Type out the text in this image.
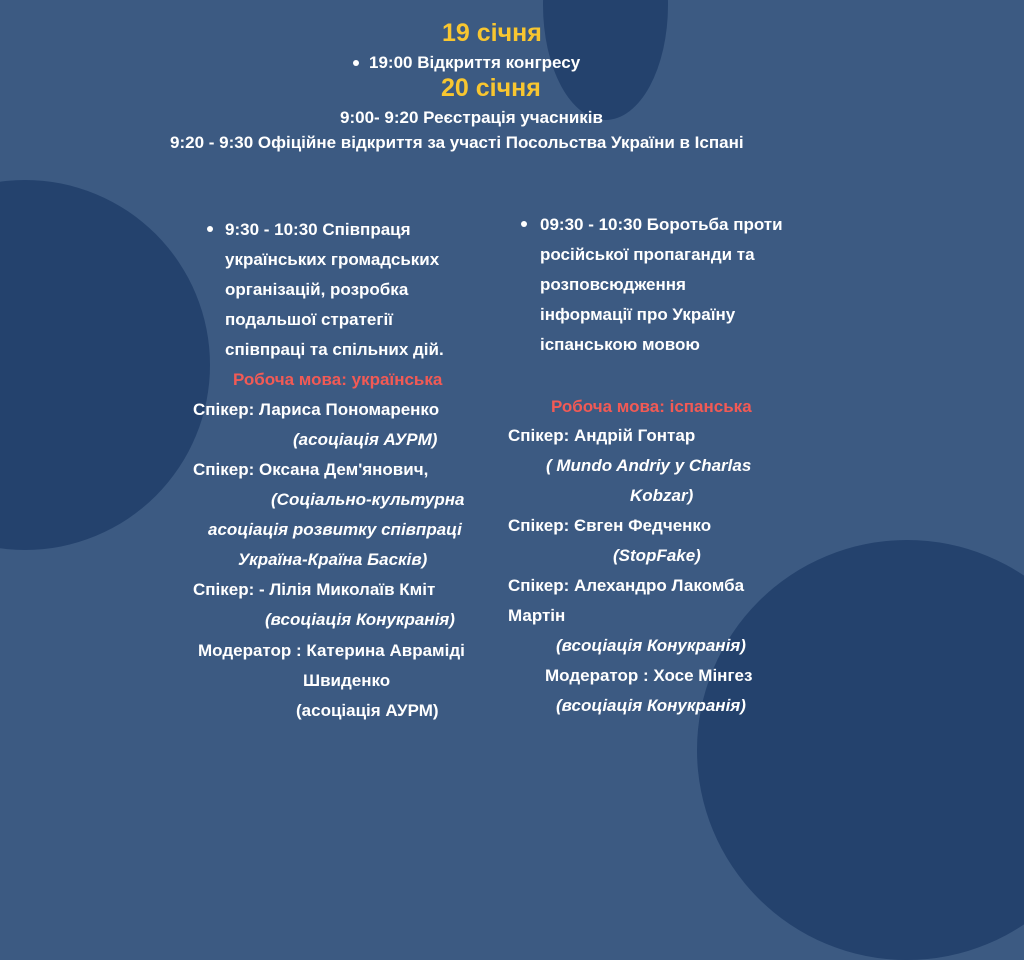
19 січня
19:00 Відкриття конгресу
20 січня
9:00- 9:20 Реєстрація учасників
9:20 - 9:30 Офіційне відкриття за участі Посольства України в Іспані
9:30 - 10:30 Співпраця
українських громадських
організацій, розробка
подальшої стратегії
співпраці та спільних дій.
Робоча мова: українська
Спікер: Лариса Пономаренко
(асоціація АУРМ)
Спікер: Оксана Дем'янович,
(Соціально-культурна
асоціація розвитку співпраці
Україна-Країна Басків)
Спікер: - Лілія Миколаїв Кміт
(всоціація Конукранія)
Модератор : Катерина Авраміді
Швиденко
(асоціація АУРМ)
09:30 - 10:30 Боротьба проти
російської пропаганди та
розповсюдження
інформації про Україну
іспанською мовою
Робоча мова: іспанська
Спікер: Андрій Гонтар
( Mundo Andriy y Charlas
Kobzar)
Спікер: Євген Федченко
(StopFake)
Спікер: Алехандро Лакомба
Мартін
(всоціація Конукранія)
Модератор : Хосе Мінгез
(всоціація Конукранія)
